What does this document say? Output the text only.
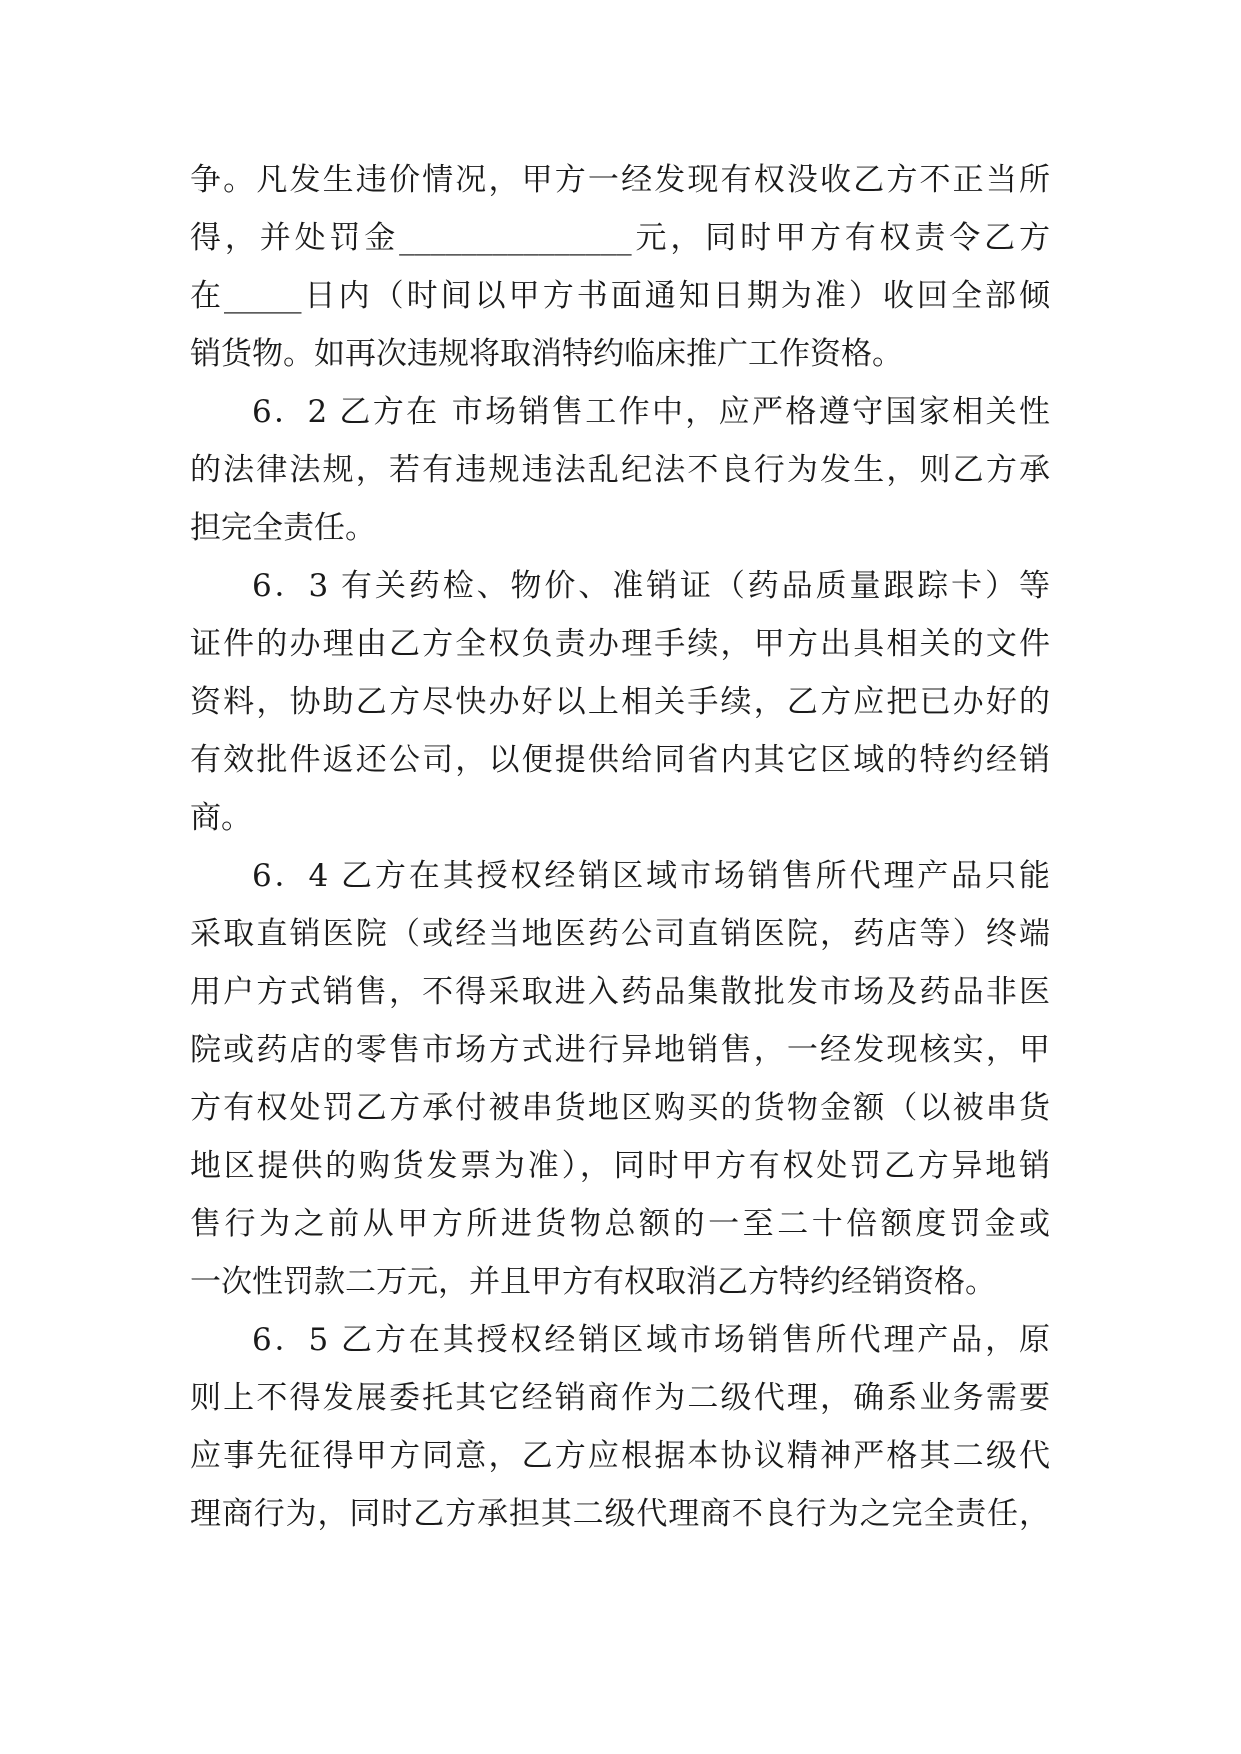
争。凡发生违价情况，甲方一经发现有权没收乙方不正当所
得，并处罚金_______________元，同时甲方有权责令乙方
在_____日内（时间以甲方书面通知日期为准）收回全部倾
销货物。如再次违规将取消特约临床推广工作资格。
6．2 乙方在 市场销售工作中，应严格遵守国家相关性
的法律法规，若有违规违法乱纪法不良行为发生，则乙方承
担完全责任。
6．3 有关药检、物价、准销证（药品质量跟踪卡）等
证件的办理由乙方全权负责办理手续，甲方出具相关的文件
资料，协助乙方尽快办好以上相关手续，乙方应把已办好的
有效批件返还公司，以便提供给同省内其它区域的特约经销
商。
6．4 乙方在其授权经销区域市场销售所代理产品只能
采取直销医院（或经当地医药公司直销医院，药店等）终端
用户方式销售，不得采取进入药品集散批发市场及药品非医
院或药店的零售市场方式进行异地销售，一经发现核实，甲
方有权处罚乙方承付被串货地区购买的货物金额（以被串货
地区提供的购货发票为准），同时甲方有权处罚乙方异地销
售行为之前从甲方所进货物总额的一至二十倍额度罚金或
一次性罚款二万元，并且甲方有权取消乙方特约经销资格。
6．5 乙方在其授权经销区域市场销售所代理产品，原
则上不得发展委托其它经销商作为二级代理，确系业务需要
应事先征得甲方同意，乙方应根据本协议精神严格其二级代
理商行为，同时乙方承担其二级代理商不良行为之完全责任，
